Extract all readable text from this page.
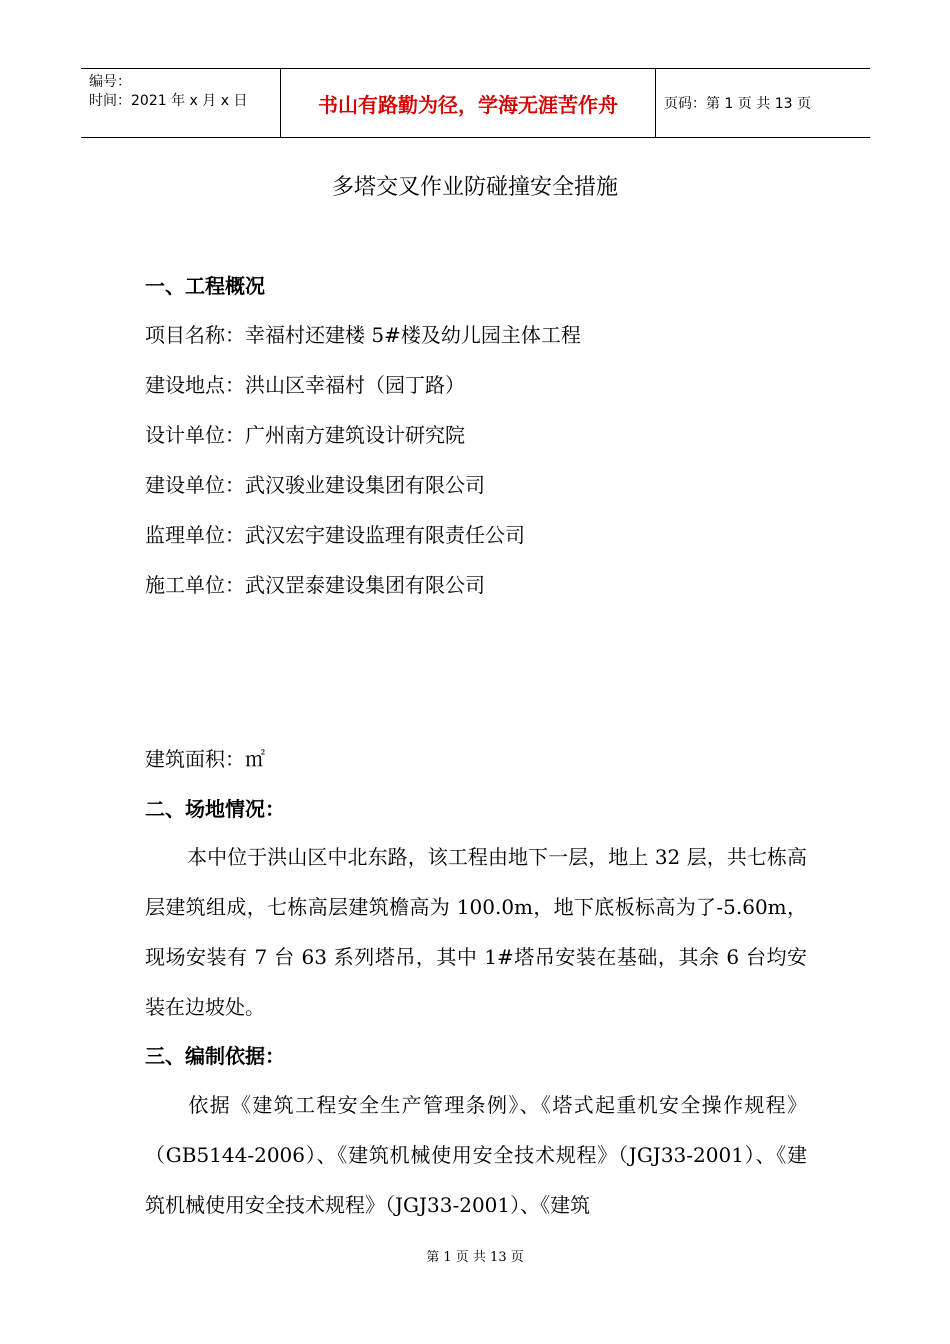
编号：
时间：2021 年 x 月 x 日	书山有路勤为径，学海无涯苦作舟	页码：第 1 页 共 13 页
多塔交叉作业防碰撞安全措施
一、工程概况
项目名称：幸福村还建楼 5#楼及幼儿园主体工程
建设地点：洪山区幸福村（园丁路）
设计单位：广州南方建筑设计研究院
建设单位：武汉骏业建设集团有限公司
监理单位：武汉宏宇建设监理有限责任公司
施工单位：武汉罡泰建设集团有限公司
建筑面积：㎡
二、场地情况：
本中位于洪山区中北东路，该工程由地下一层，地上 32 层，共七栋高层建筑组成，七栋高层建筑檐高为 100.0m，地下底板标高为了-5.60m，现场安装有 7 台 63 系列塔吊，其中 1#塔吊安装在基础，其余 6 台均安装在边坡处。
三、编制依据：
依据《建筑工程安全生产管理条例》、《塔式起重机安全操作规程》（GB5144-2006）、《建筑机械使用安全技术规程》（JGJ33-2001）、《建筑机械使用安全技术规程》（JGJ33-2001）、《建筑
第 1 页 共 13 页
